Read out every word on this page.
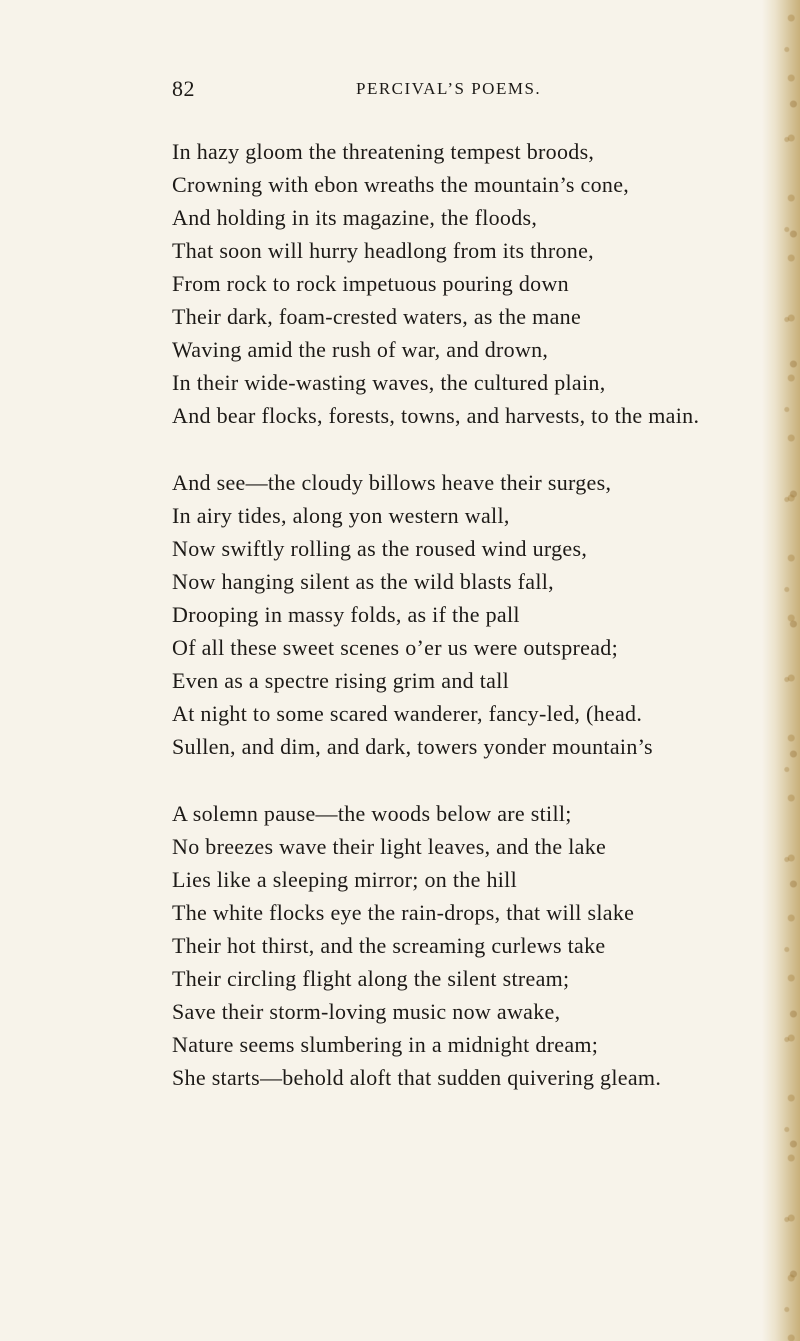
82	PERCIVAL’S POEMS.
In hazy gloom the threatening tempest broods,
Crowning with ebon wreaths the mountain’s cone,
And holding in its magazine, the floods,
That soon will hurry headlong from its throne,
From rock to rock impetuous pouring down
Their dark, foam-crested waters, as the mane
Waving amid the rush of war, and drown,
In their wide-wasting waves, the cultured plain,
And bear flocks, forests, towns, and harvests, to the main.
And see—the cloudy billows heave their surges,
In airy tides, along yon western wall,
Now swiftly rolling as the roused wind urges,
Now hanging silent as the wild blasts fall,
Drooping in massy folds, as if the pall
Of all these sweet scenes o’er us were outspread;
Even as a spectre rising grim and tall
At night to some scared wanderer, fancy-led, (head.
Sullen, and dim, and dark, towers yonder mountain’s
A solemn pause—the woods below are still;
No breezes wave their light leaves, and the lake
Lies like a sleeping mirror; on the hill
The white flocks eye the rain-drops, that will slake
Their hot thirst, and the screaming curlews take
Their circling flight along the silent stream;
Save their storm-loving music now awake,
Nature seems slumbering in a midnight dream;
She starts—behold aloft that sudden quivering gleam.
